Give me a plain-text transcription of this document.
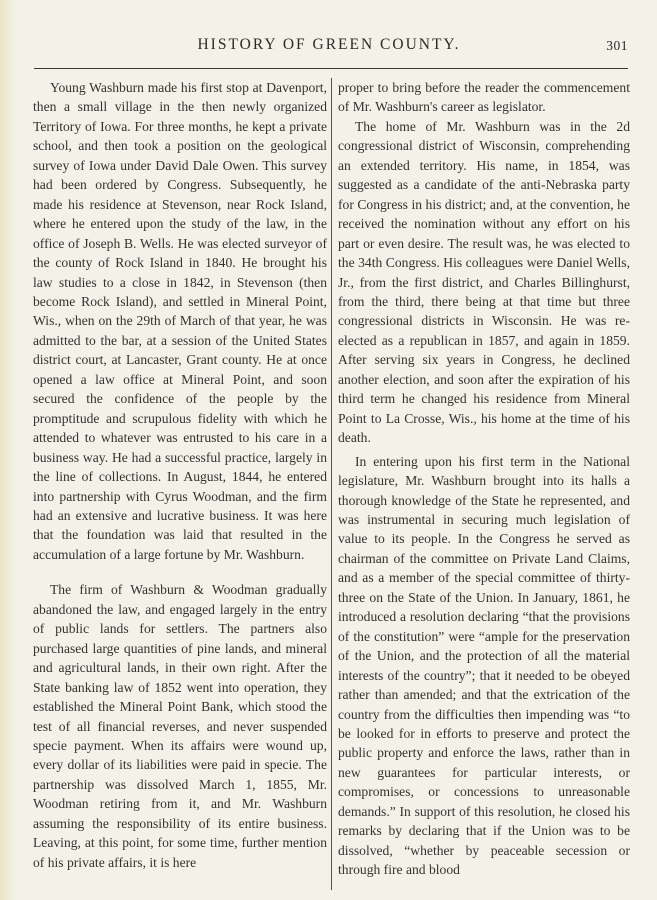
HISTORY OF GREEN COUNTY.	301

Young Washburn made his first stop at Davenport, then a small village in the then newly organized Territory of Iowa. For three months, he kept a private school, and then took a position on the geological survey of Iowa under David Dale Owen. This survey had been ordered by Congress. Subsequently, he made his residence at Stevenson, near Rock Island, where he entered upon the study of the law, in the office of Joseph B. Wells. He was elected surveyor of the county of Rock Island in 1840. He brought his law studies to a close in 1842, in Stevenson (then become Rock Island), and settled in Mineral Point, Wis., when on the 29th of March of that year, he was admitted to the bar, at a session of the United States district court, at Lancaster, Grant county. He at once opened a law office at Mineral Point, and soon secured the confidence of the people by the promptitude and scrupulous fidelity with which he attended to whatever was entrusted to his care in a business way. He had a successful practice, largely in the line of collections. In August, 1844, he entered into partnership with Cyrus Woodman, and the firm had an extensive and lucrative business. It was here that the foundation was laid that resulted in the accumulation of a large fortune by Mr. Washburn.

The firm of Washburn & Woodman gradually abandoned the law, and engaged largely in the entry of public lands for settlers. The partners also purchased large quantities of pine lands, and mineral and agricultural lands, in their own right. After the State banking law of 1852 went into operation, they established the Mineral Point Bank, which stood the test of all financial reverses, and never suspended specie payment. When its affairs were wound up, every dollar of its liabilities were paid in specie. The partnership was dissolved March 1, 1855, Mr. Woodman retiring from it, and Mr. Washburn assuming the responsibility of its entire business. Leaving, at this point, for some time, further mention of his private affairs, it is here

proper to bring before the reader the commencement of Mr. Washburn's career as legislator.

The home of Mr. Washburn was in the 2d congressional district of Wisconsin, comprehending an extended territory. His name, in 1854, was suggested as a candidate of the anti-Nebraska party for Congress in his district; and, at the convention, he received the nomination without any effort on his part or even desire. The result was, he was elected to the 34th Congress. His colleagues were Daniel Wells, Jr., from the first district, and Charles Billinghurst, from the third, there being at that time but three congressional districts in Wisconsin. He was re-elected as a republican in 1857, and again in 1859. After serving six years in Congress, he declined another election, and soon after the expiration of his third term he changed his residence from Mineral Point to La Crosse, Wis., his home at the time of his death.

In entering upon his first term in the National legislature, Mr. Washburn brought into its halls a thorough knowledge of the State he represented, and was instrumental in securing much legislation of value to its people. In the Congress he served as chairman of the committee on Private Land Claims, and as a member of the special committee of thirty-three on the State of the Union. In January, 1861, he introduced a resolution declaring “that the provisions of the constitution” were “ample for the preservation of the Union, and the protection of all the material interests of the country”; that it needed to be obeyed rather than amended; and that the extrication of the country from the difficulties then impending was “to be looked for in efforts to preserve and protect the public property and enforce the laws, rather than in new guarantees for particular interests, or compromises, or concessions to unreasonable demands.” In support of this resolution, he closed his remarks by declaring that if the Union was to be dissolved, “whether by peaceable secession or through fire and blood
